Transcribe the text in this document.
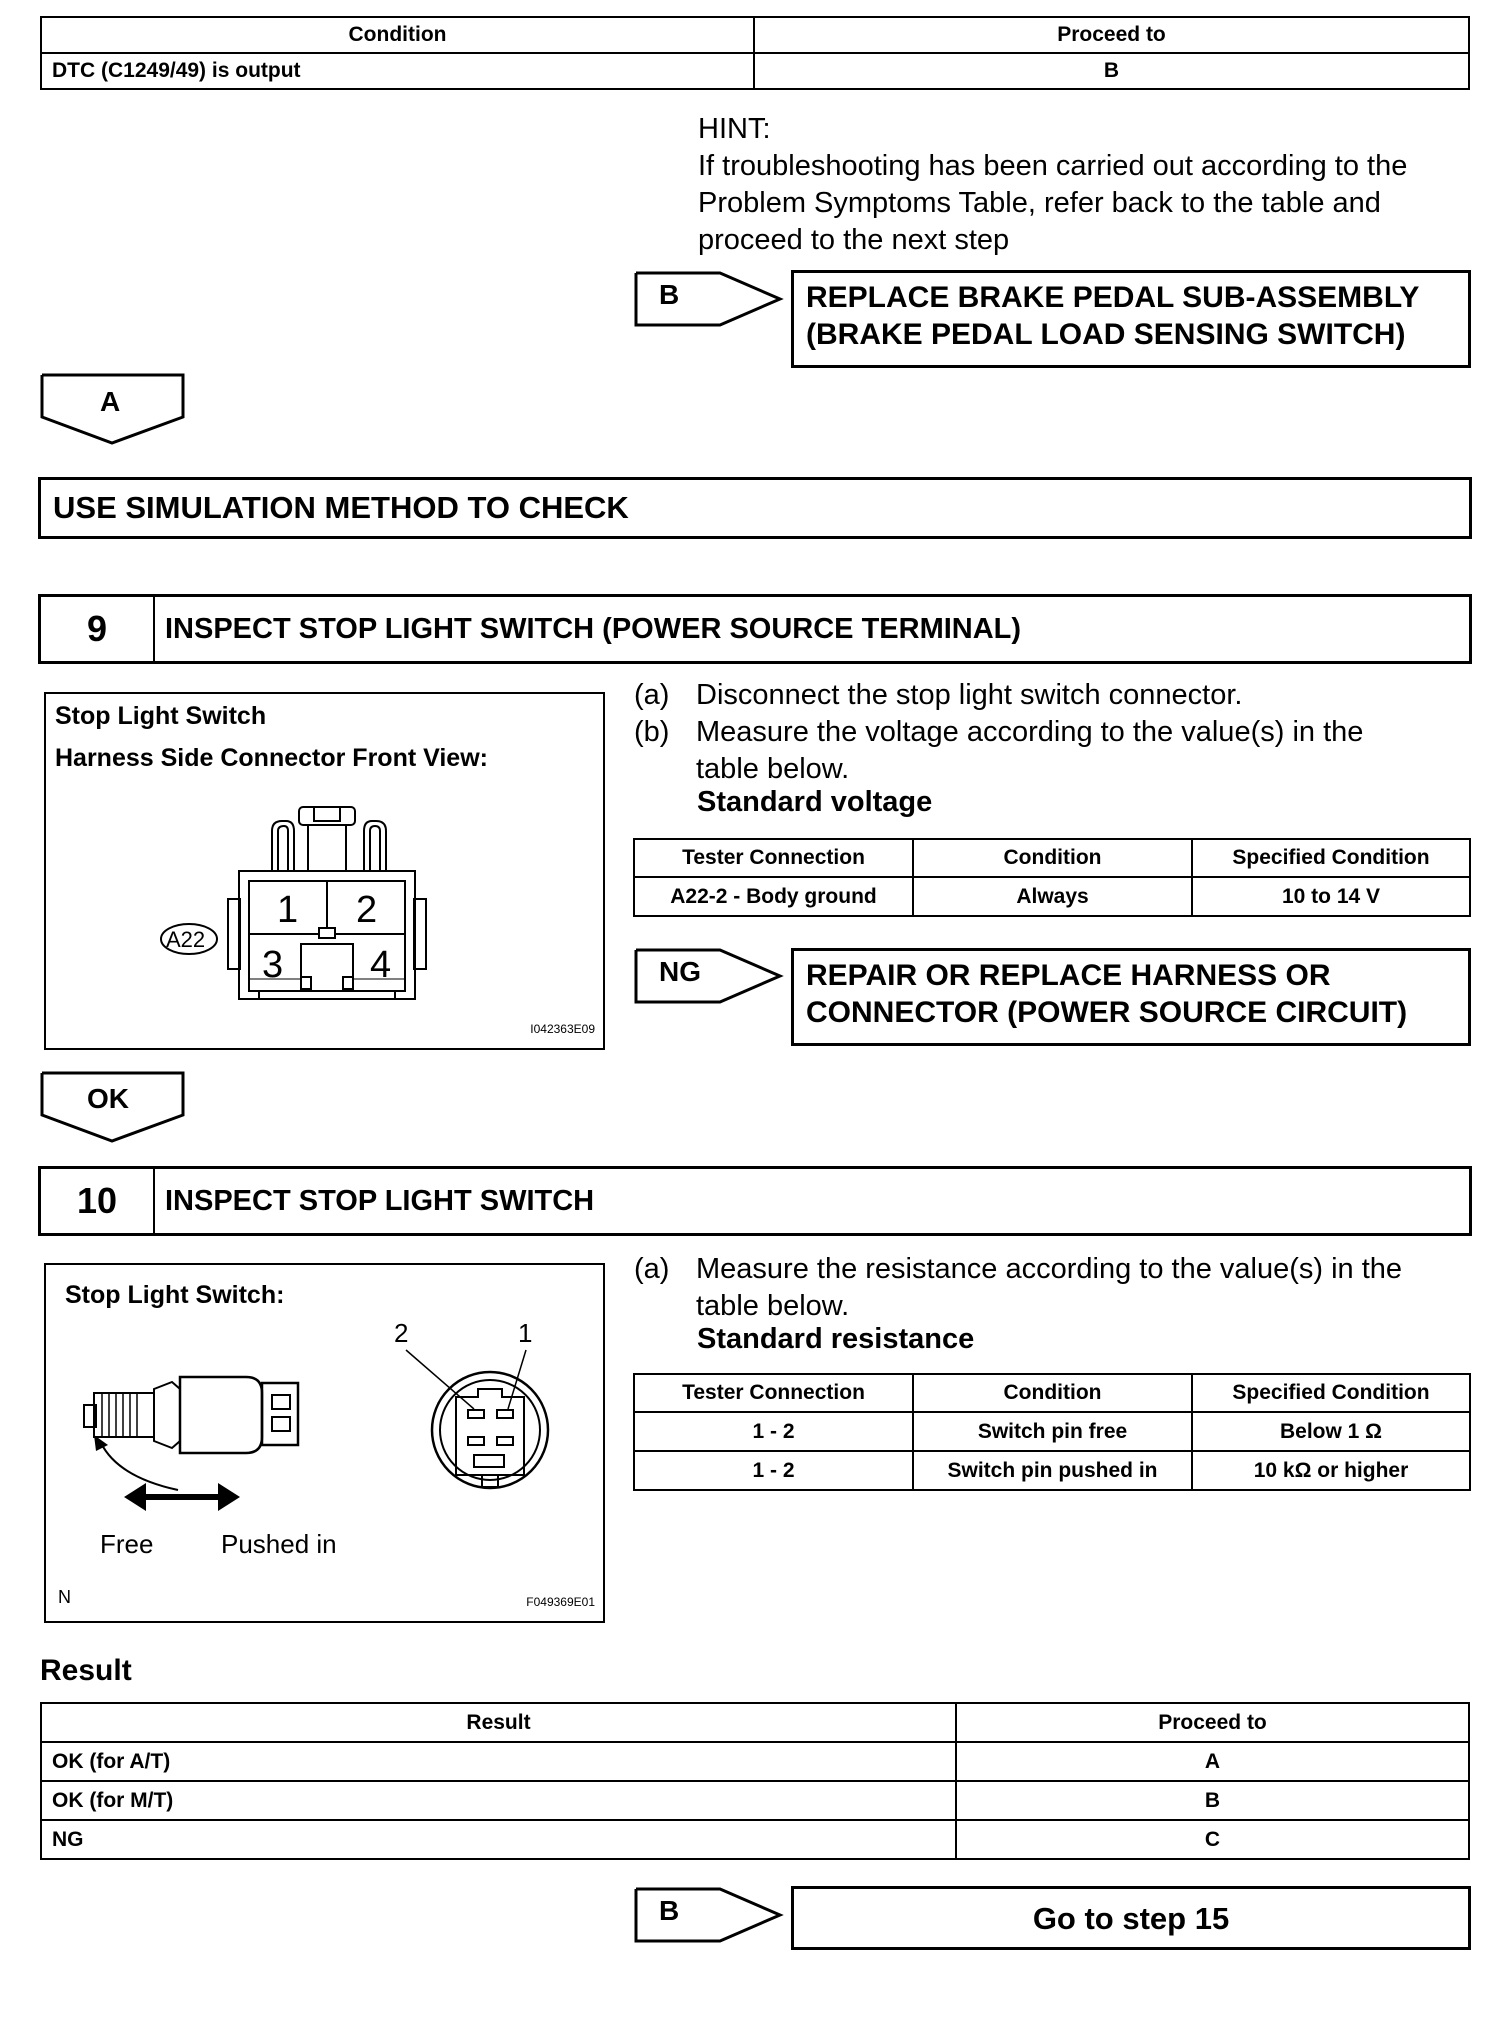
Condition	Proceed to
DTC (C1249/49) is output	B
HINT:
If troubleshooting has been carried out according to the Problem Symptoms Table, refer back to the table and proceed to the next step
B	REPLACE BRAKE PEDAL SUB-ASSEMBLY
(BRAKE PEDAL LOAD SENSING SWITCH)
A
USE SIMULATION METHOD TO CHECK
9	INSPECT STOP LIGHT SWITCH (POWER SOURCE TERMINAL)
Stop Light Switch
Harness Side Connector Front View:
1 2
3 4
A22
I042363E09
(a) Disconnect the stop light switch connector.
(b) Measure the voltage according to the value(s) in the table below.
Standard voltage
Tester Connection	Condition	Specified Condition
A22-2 - Body ground	Always	10 to 14 V
NG	REPAIR OR REPLACE HARNESS OR
CONNECTOR (POWER SOURCE CIRCUIT)
OK
10	INSPECT STOP LIGHT SWITCH
Stop Light Switch:
2	1
Free	Pushed in
N	F049369E01
(a) Measure the resistance according to the value(s) in the table below.
Standard resistance
Tester Connection	Condition	Specified Condition
1 - 2	Switch pin free	Below 1 Ω
1 - 2	Switch pin pushed in	10 kΩ or higher
Result
Result	Proceed to
OK (for A/T)	A
OK (for M/T)	B
NG	C
B	Go to step 15
